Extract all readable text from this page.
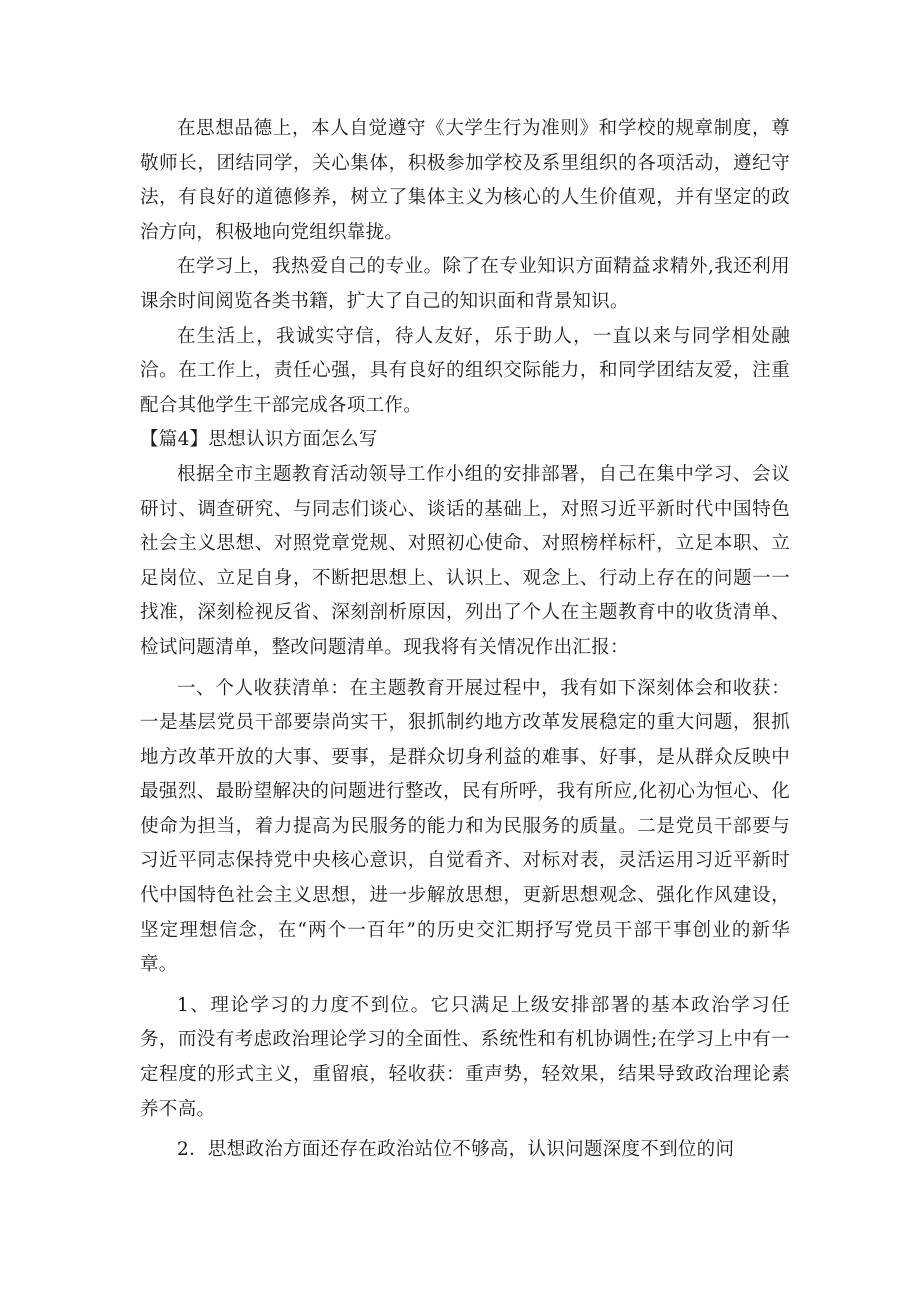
在思想品德上，本人自觉遵守《大学生行为准则》和学校的规章制度，尊敬师长，团结同学，关心集体，积极参加学校及系里组织的各项活动，遵纪守法，有良好的道德修养，树立了集体主义为核心的人生价值观，并有坚定的政治方向，积极地向党组织靠拢。

在学习上，我热爱自己的专业。除了在专业知识方面精益求精外,我还利用课余时间阅览各类书籍，扩大了自己的知识面和背景知识。

在生活上，我诚实守信，待人友好，乐于助人，一直以来与同学相处融洽。在工作上，责任心强，具有良好的组织交际能力，和同学团结友爱，注重配合其他学生干部完成各项工作。

【篇4】思想认识方面怎么写

根据全市主题教育活动领导工作小组的安排部署，自己在集中学习、会议研讨、调查研究、与同志们谈心、谈话的基础上，对照习近平新时代中国特色社会主义思想、对照党章党规、对照初心使命、对照榜样标杆，立足本职、立足岗位、立足自身，不断把思想上、认识上、观念上、行动上存在的问题一一找准，深刻检视反省、深刻剖析原因，列出了个人在主题教育中的收货清单、检试问题清单，整改问题清单。现我将有关情况作出汇报：

一、个人收获清单：在主题教育开展过程中，我有如下深刻体会和收获：一是基层党员干部要崇尚实干，狠抓制约地方改革发展稳定的重大问题，狠抓地方改革开放的大事、要事，是群众切身利益的难事、好事，是从群众反映中最强烈、最盼望解决的问题进行整改，民有所呼，我有所应,化初心为恒心、化使命为担当，着力提高为民服务的能力和为民服务的质量。二是党员干部要与习近平同志保持党中央核心意识，自觉看齐、对标对表，灵活运用习近平新时代中国特色社会主义思想，进一步解放思想，更新思想观念、强化作风建设，坚定理想信念，在“两个一百年”的历史交汇期抒写党员干部干事创业的新华章。

1、理论学习的力度不到位。它只满足上级安排部署的基本政治学习任务，而没有考虑政治理论学习的全面性、系统性和有机协调性;在学习上中有一定程度的形式主义，重留痕，轻收获：重声势，轻效果，结果导致政治理论素养不高。

2．思想政治方面还存在政治站位不够高，认识问题深度不到位的问
